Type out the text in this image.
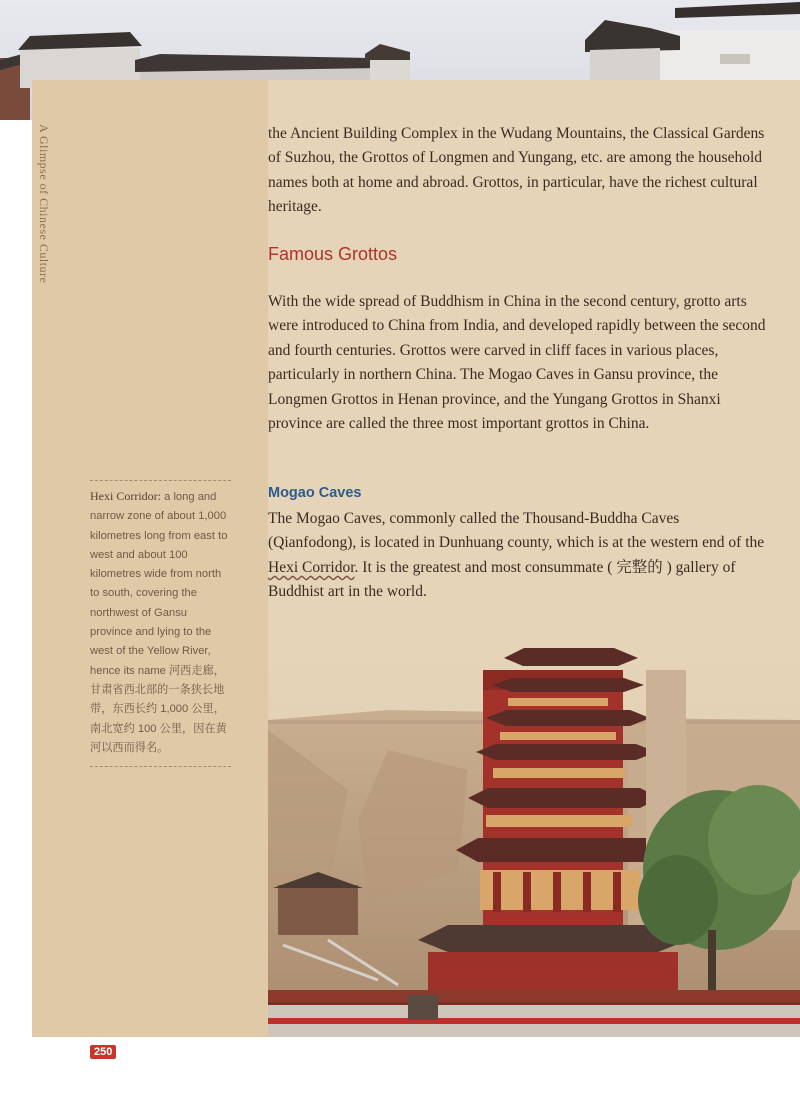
A Glimpse of Chinese Culture	the Ancient Building Complex in the Wudang Mountains, the Classical Gardens of Suzhou, the Grottos of Longmen and Yungang, etc. are among the household names both at home and abroad. Grottos, in particular, have the richest cultural heritage.

Famous Grottos

With the wide spread of Buddhism in China in the second century, grotto arts were introduced to China from India, and developed rapidly between the second and fourth centuries. Grottos were carved in cliff faces in various places, particularly in northern China. The Mogao Caves in Gansu province, the Longmen Grottos in Henan province, and the Yungang Grottos in Shanxi province are called the three most important grottos in China.

Mogao Caves

The Mogao Caves, commonly called the Thousand-Buddha Caves (Qianfodong), is located in Dunhuang county, which is at the western end of the Hexi Corridor. It is the greatest and most consummate ( 完整的 ) gallery of Buddhist art in the world.

Hexi Corridor: a long and narrow zone of about 1,000 kilometres long from east to west and about 100 kilometres wide from north to south, covering the northwest of Gansu province and lying to the west of the Yellow River, hence its name 河西走廊，甘肃省西北部的一条狭长地带，东西长约 1,000 公里，南北宽约 100 公里，因在黄河以西而得名。
250
